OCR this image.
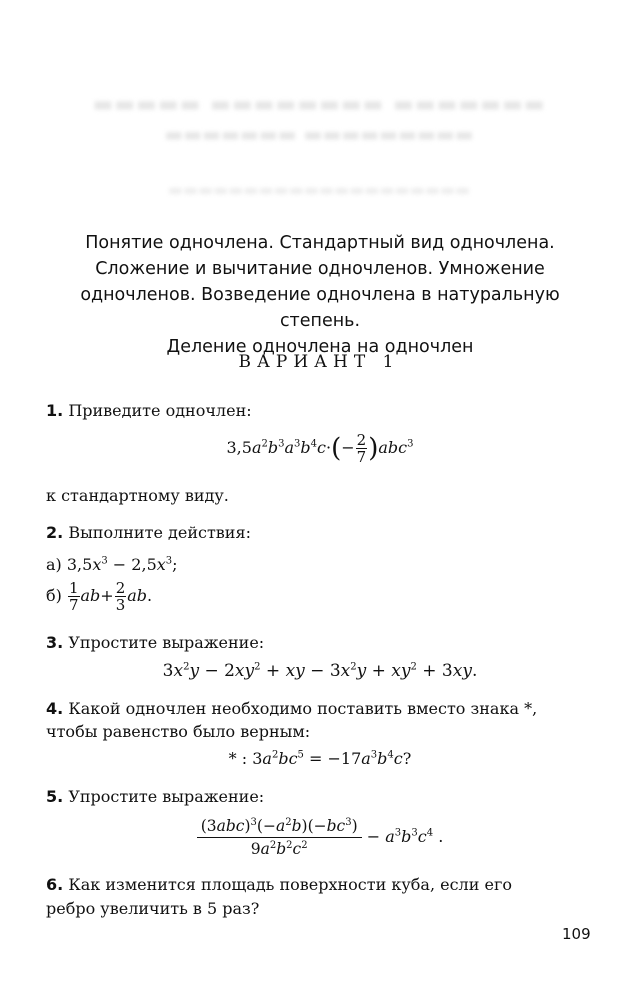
▬▬▬▬▬ ▬▬▬▬▬▬▬▬ ▬▬▬▬▬▬▬
▬▬▬▬▬▬▬ ▬▬▬▬▬▬▬▬▬
▬▬▬▬▬▬▬▬▬▬▬▬▬▬▬▬▬▬▬▬
Понятие одночлена. Стандартный вид одночлена.
Сложение и вычитание одночленов. Умножение
одночленов. Возведение одночлена в натуральную степень.
Деление одночлена на одночлен
ВАРИАНТ 1
1. Приведите одночлен:
$3,5a^2b^3a^3b^4c\cdot(- \frac{2}{7} )abc^3$
к стандартному виду.
2. Выполните действия:
а) $3,5x^3 - 2,5x^3$;
$б) \frac{1}{7} ab+ \frac{2}{3}$ ab.
3. Упростите выражение:
$3x^2y - 2xy^2$ + xy − $3x^2y + xy^2 + 3xy$.
4. Какой одночлен необходимо поставить вместо знака *,
чтобы равенство было верным:
* : $3a^2bc^5 = -17a^3b^4c$?
5. Упростите выражение:
$\frac{(3abc)^3(-a^2b)(-bc^3)}{9a^2b^2c^2} - a^3b^3c^4$ .
6. Как изменится площадь поверхности куба, если его
ребро увеличить в 5 раз?
109
